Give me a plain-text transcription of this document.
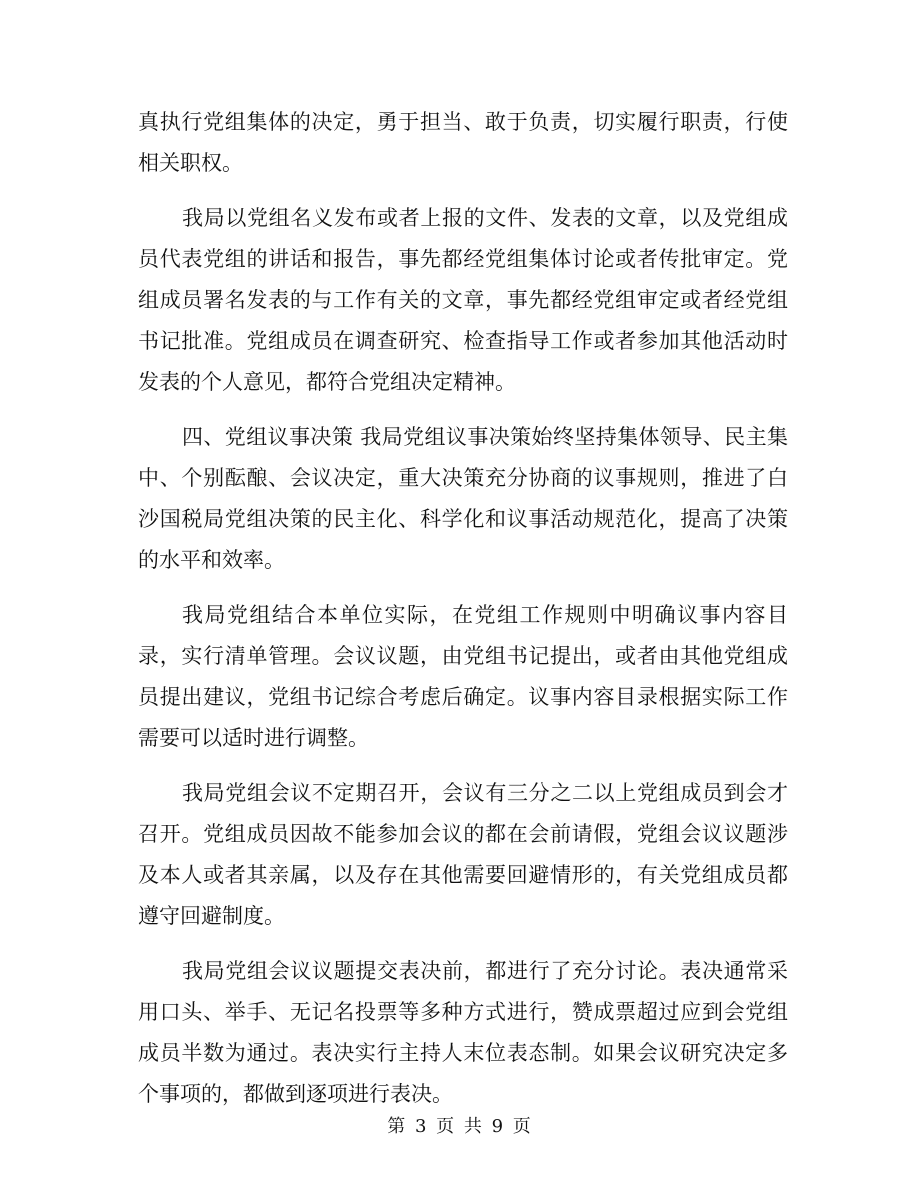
真执行党组集体的决定，勇于担当、敢于负责，切实履行职责，行使相关职权。

我局以党组名义发布或者上报的文件、发表的文章，以及党组成员代表党组的讲话和报告，事先都经党组集体讨论或者传批审定。党组成员署名发表的与工作有关的文章，事先都经党组审定或者经党组书记批准。党组成员在调查研究、检查指导工作或者参加其他活动时发表的个人意见，都符合党组决定精神。

四、党组议事决策 我局党组议事决策始终坚持集体领导、民主集中、个别酝酿、会议决定，重大决策充分协商的议事规则，推进了白沙国税局党组决策的民主化、科学化和议事活动规范化，提高了决策的水平和效率。

我局党组结合本单位实际，在党组工作规则中明确议事内容目录，实行清单管理。会议议题，由党组书记提出，或者由其他党组成员提出建议，党组书记综合考虑后确定。议事内容目录根据实际工作需要可以适时进行调整。

我局党组会议不定期召开，会议有三分之二以上党组成员到会才召开。党组成员因故不能参加会议的都在会前请假，党组会议议题涉及本人或者其亲属，以及存在其他需要回避情形的，有关党组成员都遵守回避制度。

我局党组会议议题提交表决前，都进行了充分讨论。表决通常采用口头、举手、无记名投票等多种方式进行，赞成票超过应到会党组成员半数为通过。表决实行主持人末位表态制。如果会议研究决定多个事项的，都做到逐项进行表决。

第 3 页 共 9 页
